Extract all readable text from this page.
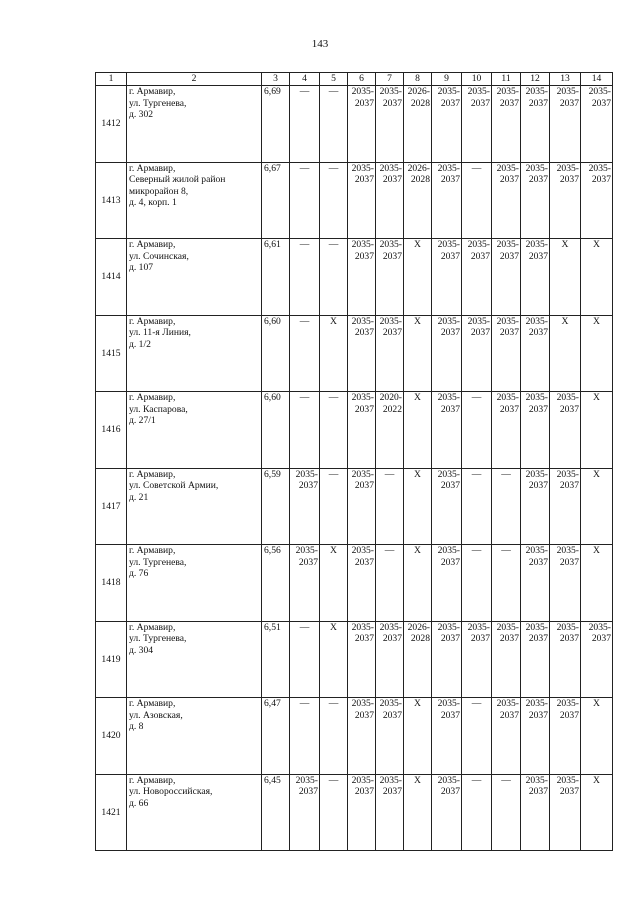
143
1	2	3	4	5	6	7	8	9	10	11	12	13	14
1412	г. Армавир,
ул. Тургенева,
д. 302	6,69	—	—	2035-
2037	2035-
2037	2026-
2028	2035-
2037	2035-
2037	2035-
2037	2035-
2037	2035-
2037	2035-
2037

1413	г. Армавир,
Северный жилой район
микрорайон 8,
д. 4, корп. 1	6,67	—	—	2035-
2037	2035-
2037	2026-
2028	2035-
2037	—	2035-
2037	2035-
2037	2035-
2037	2035-
2037

1414	г. Армавир,
ул. Сочинская,
д. 107	6,61	—	—	2035-
2037	2035-
2037	X	2035-
2037	2035-
2037	2035-
2037	2035-
2037	X	X
1415	г. Армавир,
ул. 11-я Линия,
д. 1/2	6,60	—	X	2035-
2037	2035-
2037	X	2035-
2037	2035-
2037	2035-
2037	2035-
2037	X	X
1416	г. Армавир,
ул. Каспарова,
д. 27/1	6,60	—	—	2035-
2037	2020-
2022	X	2035-
2037	—	2035-
2037	2035-
2037	2035-
2037	X
1417	г. Армавир,
ул. Советской Армии,
д. 21	6,59	2035-
2037	—	2035-
2037	—	X	2035-
2037	—	—	2035-
2037	2035-
2037	X
1418	г. Армавир,
ул. Тургенева,
д. 76	6,56	2035-
2037	X	2035-
2037	—	X	2035-
2037	—	—	2035-
2037	2035-
2037	X
1419	г. Армавир,
ул. Тургенева,
д. 304	6,51	—	X	2035-
2037	2035-
2037	2026-
2028	2035-
2037	2035-
2037	2035-
2037	2035-
2037	2035-
2037	2035-
2037

1420	г. Армавир,
ул. Азовская,
д. 8	6,47	—	—	2035-
2037	2035-
2037	X	2035-
2037	—	2035-
2037	2035-
2037	2035-
2037	X
1421	г. Армавир,
ул. Новороссийская,
д. 66	6,45	2035-
2037	—	2035-
2037	2035-
2037	X	2035-
2037	—	—	2035-
2037	2035-
2037	X
